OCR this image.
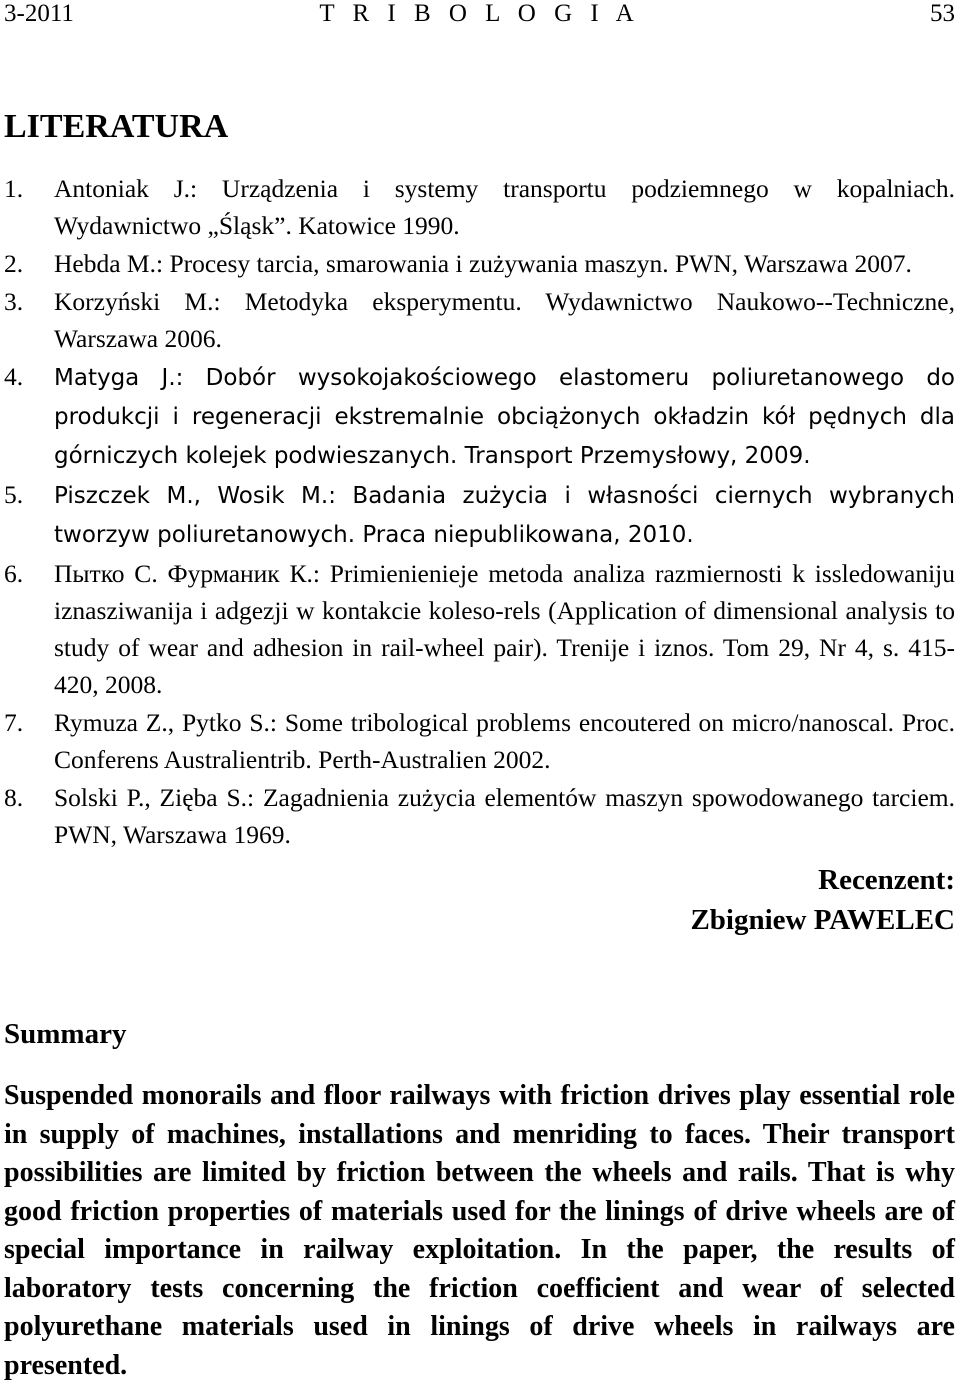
3-2011	T R I B O L O G I A	53
LITERATURA
1. Antoniak J.: Urządzenia i systemy transportu podziemnego w kopalniach. Wydawnictwo „Śląsk”. Katowice 1990.
2. Hebda M.: Procesy tarcia, smarowania i zużywania maszyn. PWN, Warszawa 2007.
3. Korzyński M.: Metodyka eksperymentu. Wydawnictwo Naukowo--Techniczne, Warszawa 2006.
4. Matyga J.: Dobór wysokojakościowego elastomeru poliuretanowego do produkcji i regeneracji ekstremalnie obciążonych okładzin kół pędnych dla górniczych kolejek podwieszanych. Transport Przemysłowy, 2009.
5. Piszczek M., Wosik M.: Badania zużycia i własności ciernych wybranych tworzyw poliuretanowych. Praca niepublikowana, 2010.
6. Пытко С. Фурманик К.: Primienienieje metoda analiza razmiernosti k issledowaniju iznasziwanija i adgezji w kontakcie koleso-rels (Application of dimensional analysis to study of wear and adhesion in rail-wheel pair). Trenije i iznos. Tom 29, Nr 4, s. 415-420, 2008.
7. Rymuza Z., Pytko S.: Some tribological problems encoutered on micro/nanoscal. Proc. Conferens Australientrib. Perth-Australien 2002.
8. Solski P., Zięba S.: Zagadnienia zużycia elementów maszyn spowodowanego tarciem. PWN, Warszawa 1969.
Recenzent:
Zbigniew PAWELEC
Summary
Suspended monorails and floor railways with friction drives play essential role in supply of machines, installations and menriding to faces. Their transport possibilities are limited by friction between the wheels and rails. That is why good friction properties of materials used for the linings of drive wheels are of special importance in railway exploitation. In the paper, the results of laboratory tests concerning the friction coefficient and wear of selected polyurethane materials used in linings of drive wheels in railways are presented.
